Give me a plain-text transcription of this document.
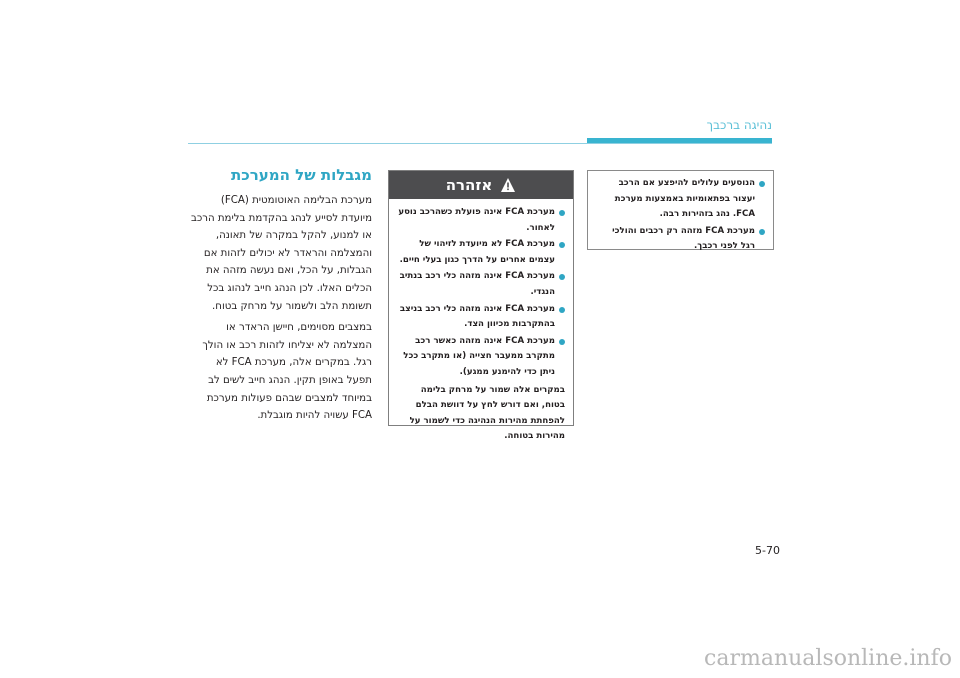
נהיגה ברכבך
מגבלות של המערכת

מערכת הבלימה האוטומטית (FCA) מיועדת לסייע לנהג בהקדמת בלימת הרכב או למנוע, להקל במקרה של תאונה, והמצלמה והראדר לא יכולים לזהות אם הגבלות, על הכל, ואם נעשה מזהה את הכלים האלו. לכן הנהג חייב לנהוג בכל תשומת הלב ולשמור על מרחק בטוח.

במצבים מסוימים, חיישן הראדר או המצלמה לא יצליחו לזהות רכב או הולך רגל. במקרים אלה, מערכת FCA לא תפעל באופן תקין. הנהג חייב לשים לב במיוחד למצבים שבהם פעולות מערכת FCA עשויה להיות מוגבלת.

אזהרה
מערכת FCA אינה פועלת כשהרכב נוסע לאחור.
מערכת FCA לא מיועדת לזיהוי של עצמים אחרים על הדרך כגון בעלי חיים.
מערכת FCA אינה מזהה כלי רכב בנתיב הנגדי.
מערכת FCA אינה מזהה כלי רכב בניצב בהתקרבות מכיוון הצד.
מערכת FCA אינה מזהה כאשר רכב מתקרב ממעבר חצייה (או מתקרב ככל ניתן כדי להימנע ממגע).
במקרים אלה שמור על מרחק בלימה בטוח, ואם דורש לחץ על דוושת הבלם להפחתת מהירות הנהיגה כדי לשמור על מהירות בטוחה.
הנוסעים עלולים להיפצע אם הרכב יעצור בפתאומיות באמצעות מערכת FCA. נהג בזהירות רבה.
מערכת FCA מזהה רק רכבים והולכי רגל לפני רכבך.
5-70
carmanualsonline.info
